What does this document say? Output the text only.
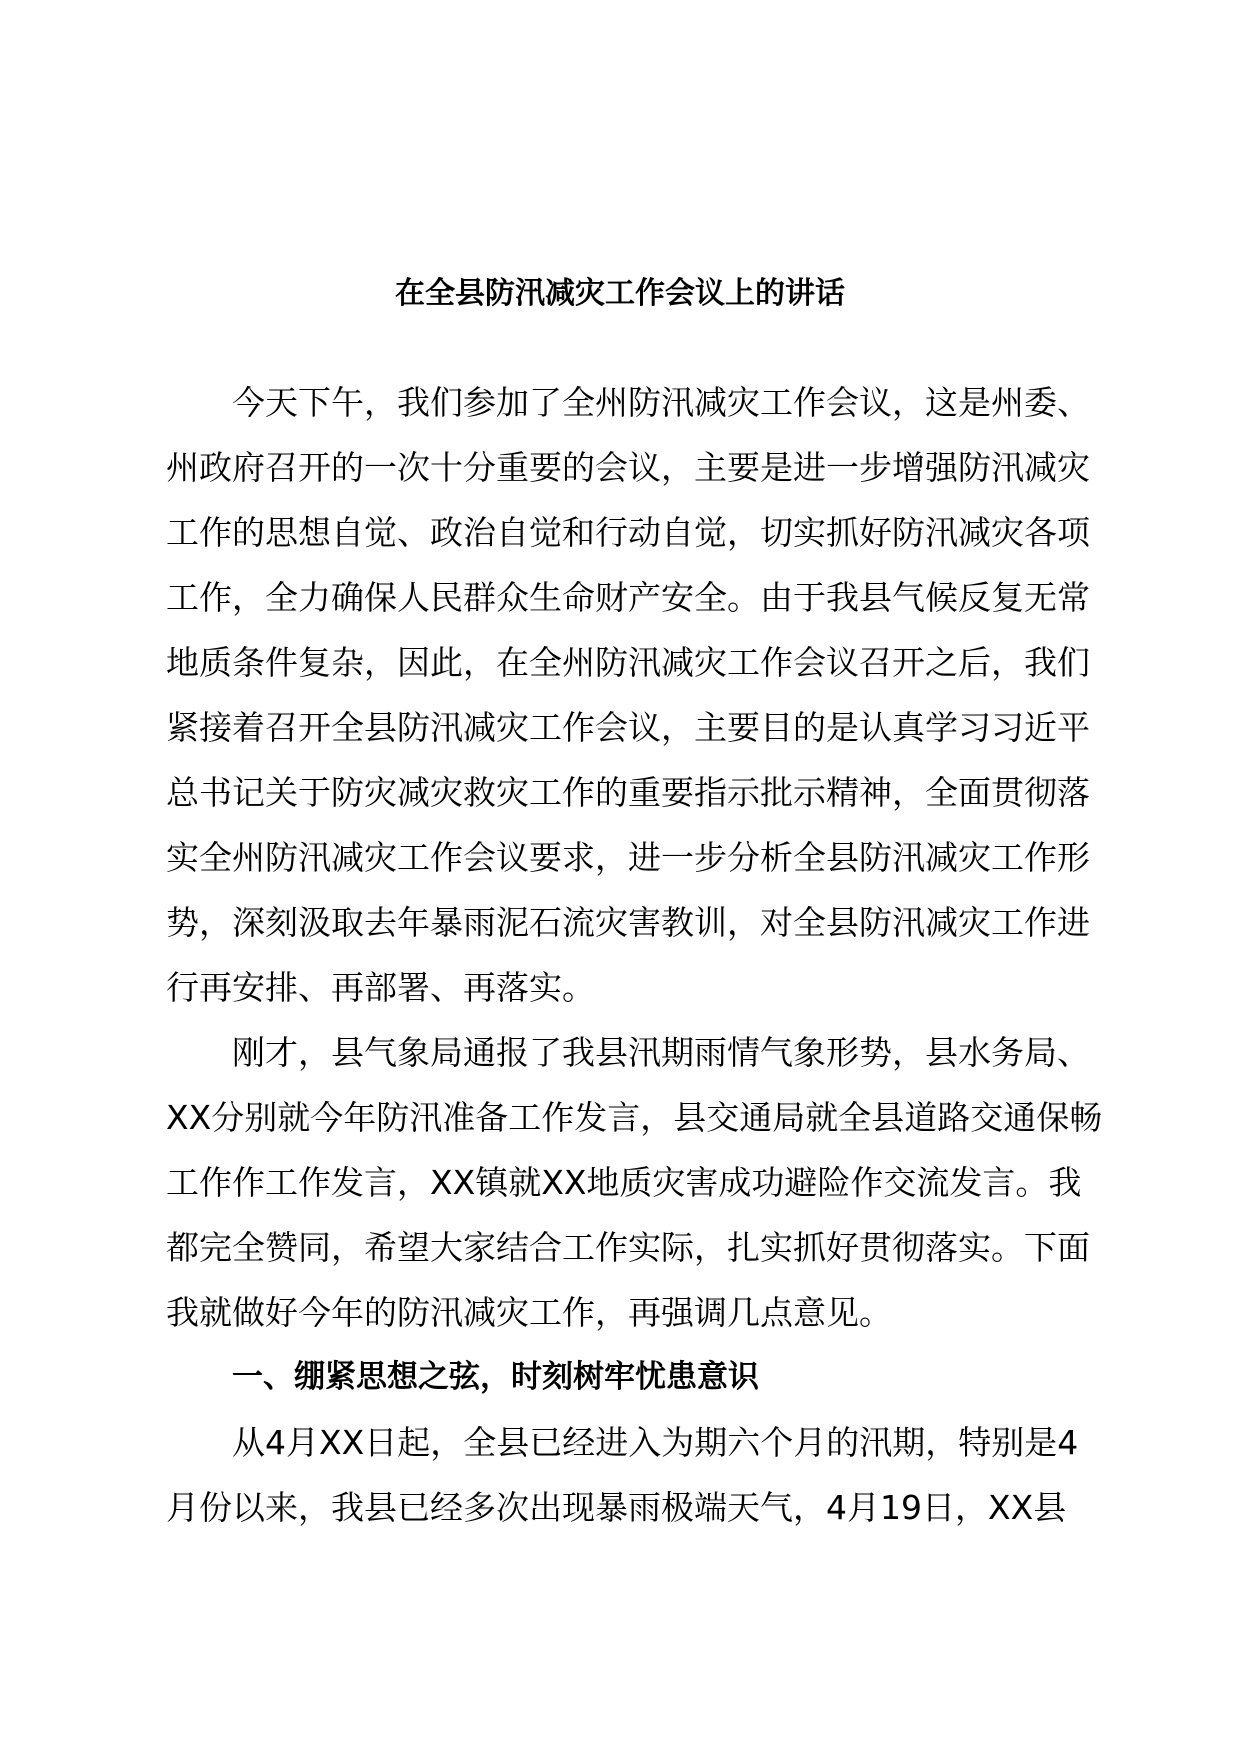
在全县防汛减灾工作会议上的讲话

今天下午，我们参加了全州防汛减灾工作会议，这是州委、
州政府召开的一次十分重要的会议，主要是进一步增强防汛减灾
工作的思想自觉、政治自觉和行动自觉，切实抓好防汛减灾各项
工作，全力确保人民群众生命财产安全。由于我县气候反复无常
地质条件复杂，因此，在全州防汛减灾工作会议召开之后，我们
紧接着召开全县防汛减灾工作会议，主要目的是认真学习习近平
总书记关于防灾减灾救灾工作的重要指示批示精神，全面贯彻落
实全州防汛减灾工作会议要求，进一步分析全县防汛减灾工作形
势，深刻汲取去年暴雨泥石流灾害教训，对全县防汛减灾工作进
行再安排、再部署、再落实。

刚才，县气象局通报了我县汛期雨情气象形势，县水务局、
XX分别就今年防汛准备工作发言，县交通局就全县道路交通保畅
工作作工作发言，XX镇就XX地质灾害成功避险作交流发言。我
都完全赞同，希望大家结合工作实际，扎实抓好贯彻落实。下面
我就做好今年的防汛减灾工作，再强调几点意见。

一、绷紧思想之弦，时刻树牢忧患意识

从4月XX日起，全县已经进入为期六个月的汛期，特别是4
月份以来，我县已经多次出现暴雨极端天气，4月19日，XX县
